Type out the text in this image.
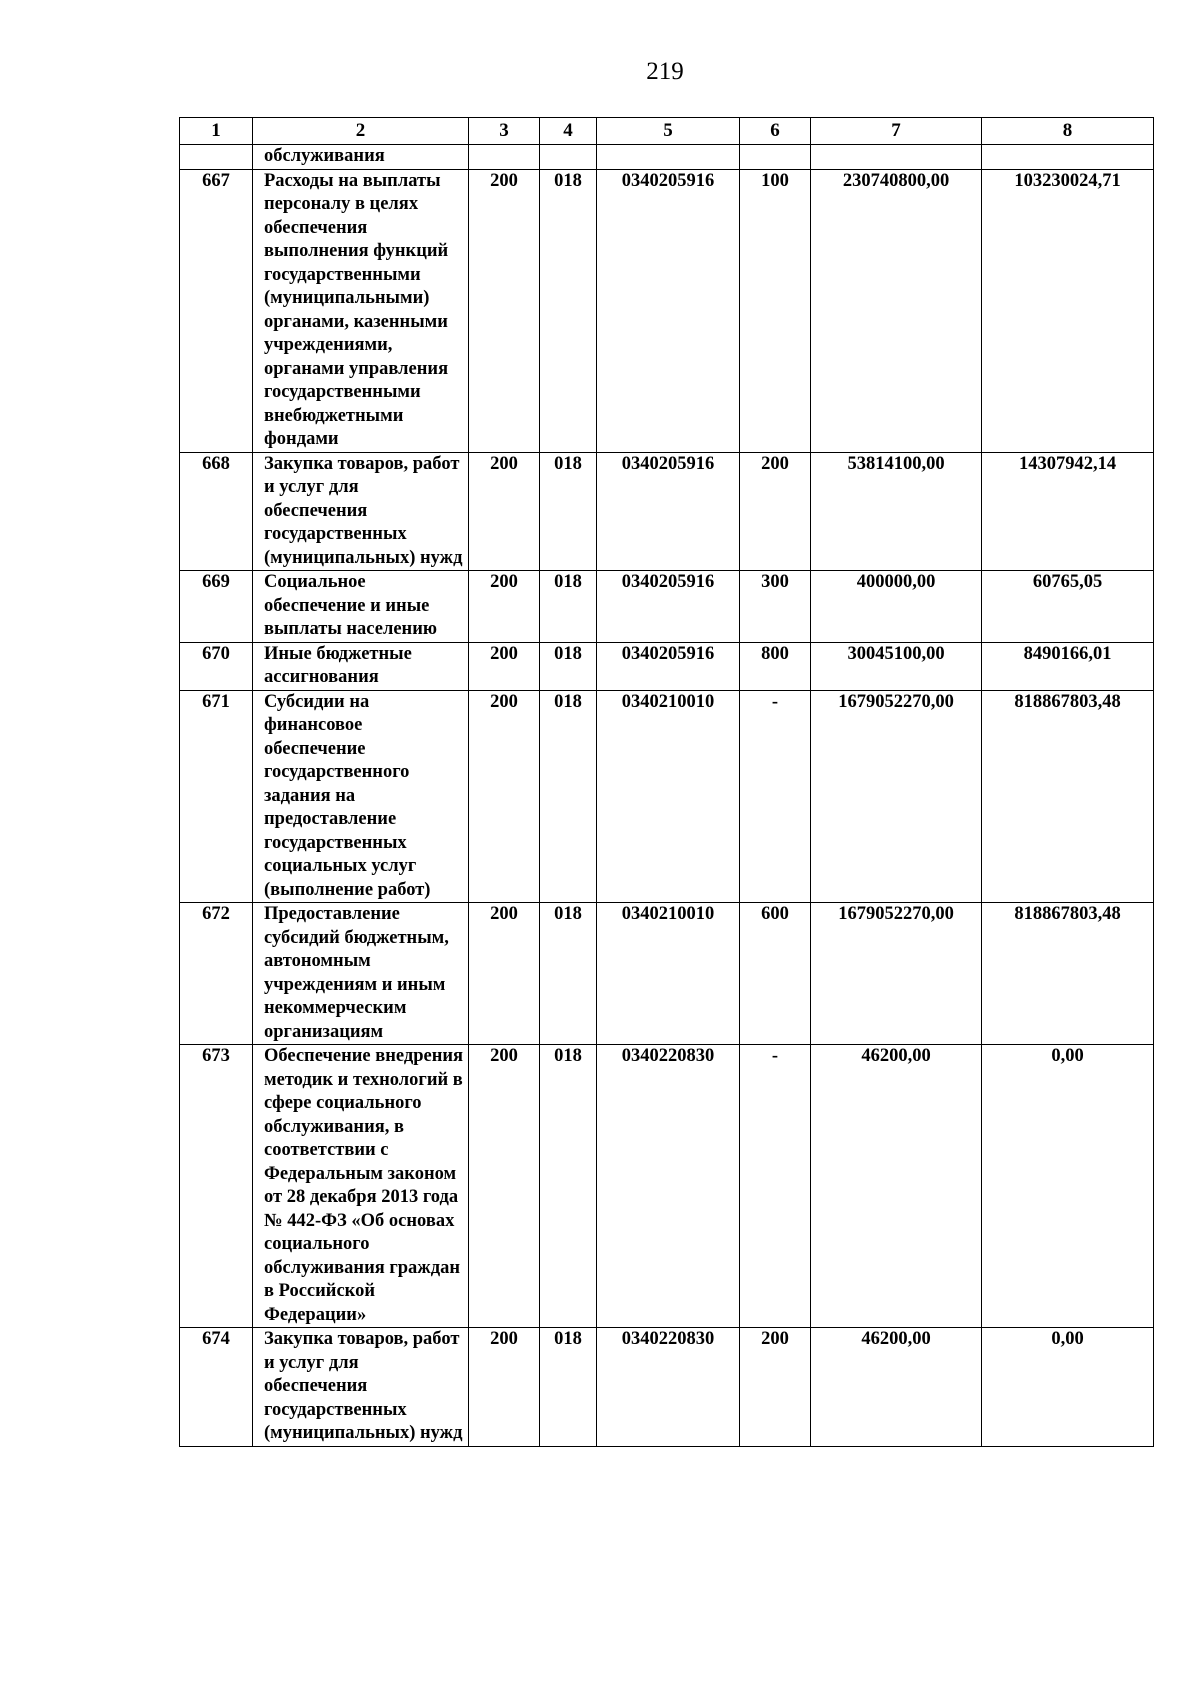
219
1	2	3	4	5	6	7	8
	обслуживания						
667	Расходы на выплаты персоналу в целях обеспечения выполнения функций государственными (муниципальными) органами, казенными учреждениями, органами управления государственными внебюджетными фондами	200	018	0340205916	100	230740800,00	103230024,71
668	Закупка товаров, работ и услуг для обеспечения государственных (муниципальных) нужд	200	018	0340205916	200	53814100,00	14307942,14
669	Социальное обеспечение и иные выплаты населению	200	018	0340205916	300	400000,00	60765,05
670	Иные бюджетные ассигнования	200	018	0340205916	800	30045100,00	8490166,01
671	Субсидии на финансовое обеспечение государственного задания на предоставление государственных социальных услуг (выполнение работ)	200	018	0340210010	-	1679052270,00	818867803,48
672	Предоставление субсидий бюджетным, автономным учреждениям и иным некоммерческим организациям	200	018	0340210010	600	1679052270,00	818867803,48
673	Обеспечение внедрения методик и технологий в сфере социального обслуживания, в соответствии с Федеральным законом от 28 декабря 2013 года № 442-ФЗ «Об основах социального обслуживания граждан в Российской Федерации»	200	018	0340220830	-	46200,00	0,00
674	Закупка товаров, работ и услуг для обеспечения государственных (муниципальных) нужд	200	018	0340220830	200	46200,00	0,00
